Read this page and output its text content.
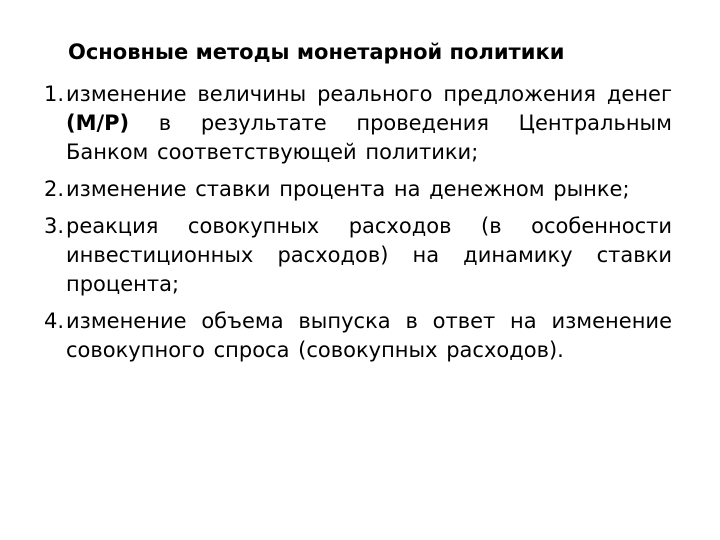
Основные методы монетарной политики
1. изменение величины реального предложения денег (M/P) в результате проведения Центральным Банком соответствующей политики;
2. изменение ставки процента на денежном рынке;
3. реакция совокупных расходов (в особенности инвестиционных расходов) на динамику ставки процента;
4. изменение объема выпуска в ответ на изменение совокупного спроса (совокупных расходов).
